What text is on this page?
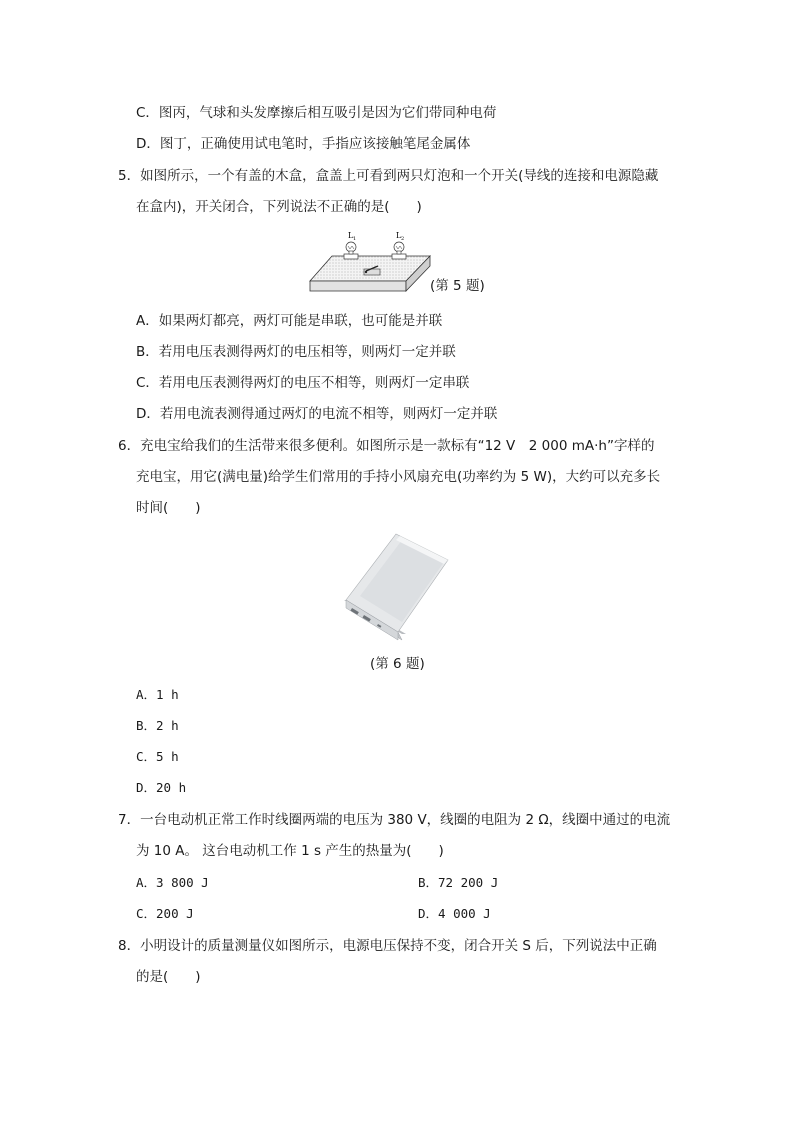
C．图丙，气球和头发摩擦后相互吸引是因为它们带同种电荷
D．图丁，正确使用试电笔时，手指应该接触笔尾金属体
5．如图所示，一个有盖的木盒，盒盖上可看到两只灯泡和一个开关(导线的连接和电源隐藏
在盒内)，开关闭合，下列说法不正确的是(　　)
L 1	L 2
(第 5 题)
A．如果两灯都亮，两灯可能是串联，也可能是并联
B．若用电压表测得两灯的电压相等，则两灯一定并联
C．若用电压表测得两灯的电压不相等，则两灯一定串联
D．若用电流表测得通过两灯的电流不相等，则两灯一定并联
6．充电宝给我们的生活带来很多便利。如图所示是一款标有“12 V　2 000 mA·h”字样的
充电宝，用它(满电量)给学生们常用的手持小风扇充电(功率约为 5 W)，大约可以充多长
时间(　　)
(第 6 题)
A．1 h
B．2 h
C．5 h
D．20 h
7．一台电动机正常工作时线圈两端的电压为 380 V，线圈的电阻为 2 Ω，线圈中通过的电流
为 10 A。 这台电动机工作 1 s 产生的热量为(　　)
A．3 800 J	B．72 200 J
C．200 J	D．4 000 J
8．小明设计的质量测量仪如图所示，电源电压保持不变，闭合开关 S 后，下列说法中正确
的是(　　)
